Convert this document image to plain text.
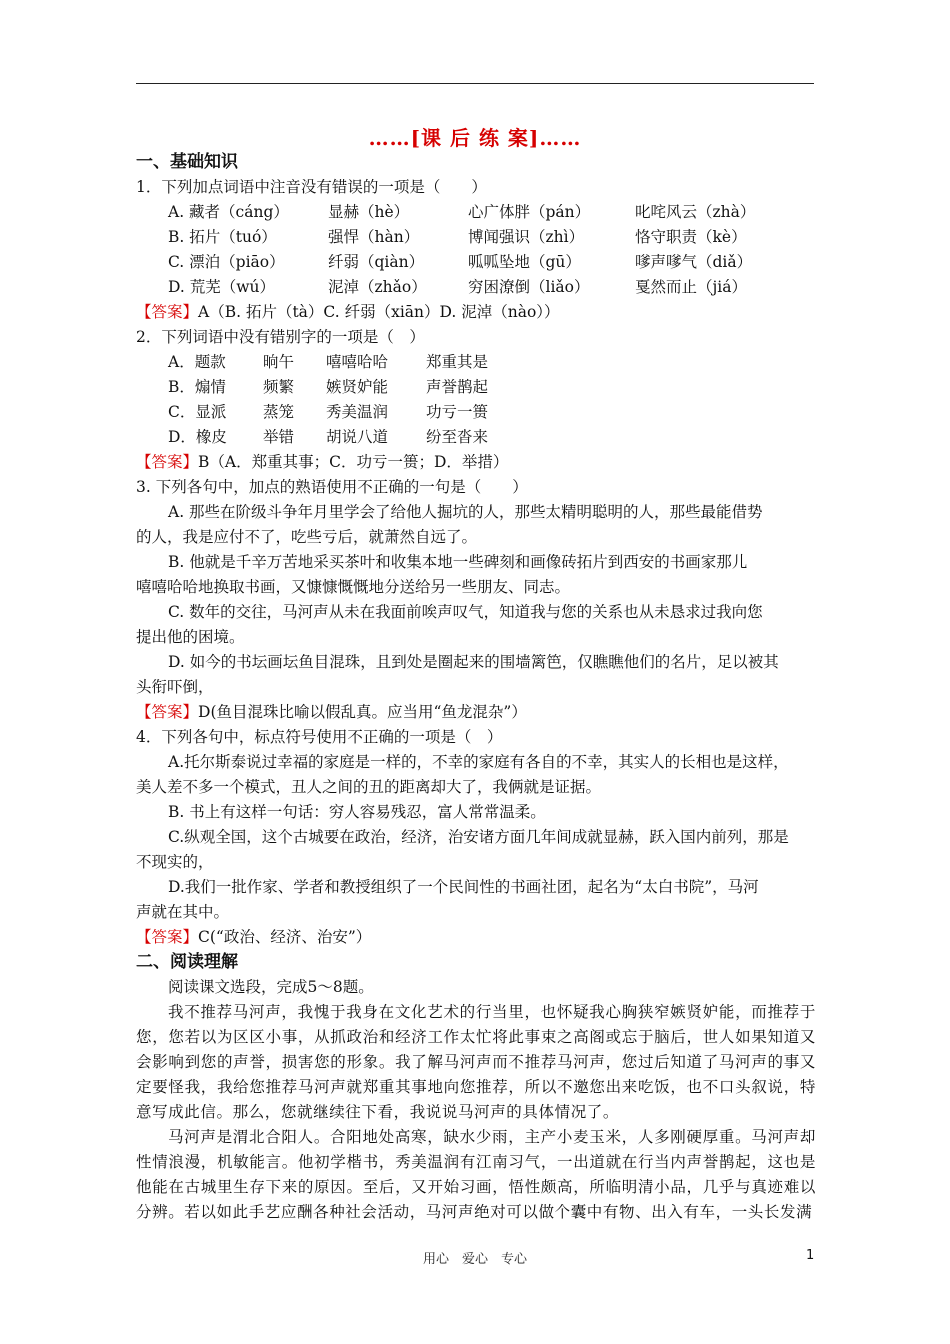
……[课 后 练 案]……
一、基础知识
1．下列加点词语中注音没有错误的一项是（　　）
A. 藏者（cáng）	显赫（hè）	心广体胖（pán）	叱咤风云（zhà）
B. 拓片（tuó）	强悍（hàn）	博闻强识（zhì）	恪守职责（kè）
C. 漂泊（piāo）	纤弱（qiàn）	呱呱坠地（gū）	嗲声嗲气（diǎ）
D. 荒芜（wú）	泥淖（zhǎo）	穷困潦倒（liǎo）	戛然而止（jiá）
【答案】A（B. 拓片（tà）C. 纤弱（xiān）D. 泥淖（nào））
2．下列词语中没有错别字的一项是（　）
A．题款	晌午	嘻嘻哈哈	郑重其是
B．煽情	频繁	嫉贤妒能	声誉鹊起
C．显派	蒸笼	秀美温润	功亏一篑
D．橡皮	举错	胡说八道	纷至沓来
【答案】B（A．郑重其事；C．功亏一篑；D．举措）
3. 下列各句中，加点的熟语使用不正确的一句是（　　）
A. 那些在阶级斗争年月里学会了给他人掘坑的人，那些太精明聪明的人，那些最能借势
的人，我是应付不了，吃些亏后，就萧然自远了。
B. 他就是千辛万苦地采买茶叶和收集本地一些碑刻和画像砖拓片到西安的书画家那儿
嘻嘻哈哈地换取书画，又慷慷慨慨地分送给另一些朋友、同志。
C. 数年的交往，马河声从未在我面前唉声叹气，知道我与您的关系也从未恳求过我向您
提出他的困境。
D. 如今的书坛画坛鱼目混珠，且到处是圈起来的围墙篱笆，仅瞧瞧他们的名片，足以被其
头衔吓倒，
【答案】D(鱼目混珠比喻以假乱真。应当用“鱼龙混杂”）
4．下列各句中，标点符号使用不正确的一项是（　）
A.托尔斯泰说过幸福的家庭是一样的，不幸的家庭有各自的不幸，其实人的长相也是这样，
美人差不多一个模式，丑人之间的丑的距离却大了，我俩就是证据。
B. 书上有这样一句话：穷人容易残忍，富人常常温柔。
C.纵观全国，这个古城要在政治，经济，治安诸方面几年间成就显赫，跃入国内前列，那是
不现实的，
D.我们一批作家、学者和教授组织了一个民间性的书画社团，起名为“太白书院”，马河
声就在其中。
【答案】C(“政治、经济、治安”）
二、阅读理解
阅读课文选段，完成5～8题。
我不推荐马河声，我愧于我身在文化艺术的行当里，也怀疑我心胸狭窄嫉贤妒能，而推荐于您，您若以为区区小事，从抓政治和经济工作太忙将此事束之高阁或忘于脑后，世人如果知道又会影响到您的声誉，损害您的形象。我了解马河声而不推荐马河声，您过后知道了马河声的事又定要怪我，我给您推荐马河声就郑重其事地向您推荐，所以不邀您出来吃饭，也不口头叙说，特意写成此信。那么，您就继续往下看，我说说马河声的具体情况了。
马河声是渭北合阳人。合阳地处高寒，缺水少雨，主产小麦玉米，人多刚硬厚重。马河声却性情浪漫，机敏能言。他初学楷书，秀美温润有江南习气，一出道就在行当内声誉鹊起，这也是他能在古城里生存下来的原因。至后，又开始习画，悟性颇高，所临明清小品，几乎与真迹难以分辨。若以如此手艺应酬各种社会活动，马河声绝对可以做个囊中有物、出入有车，一头长发满
用心　爱心　专心	1
